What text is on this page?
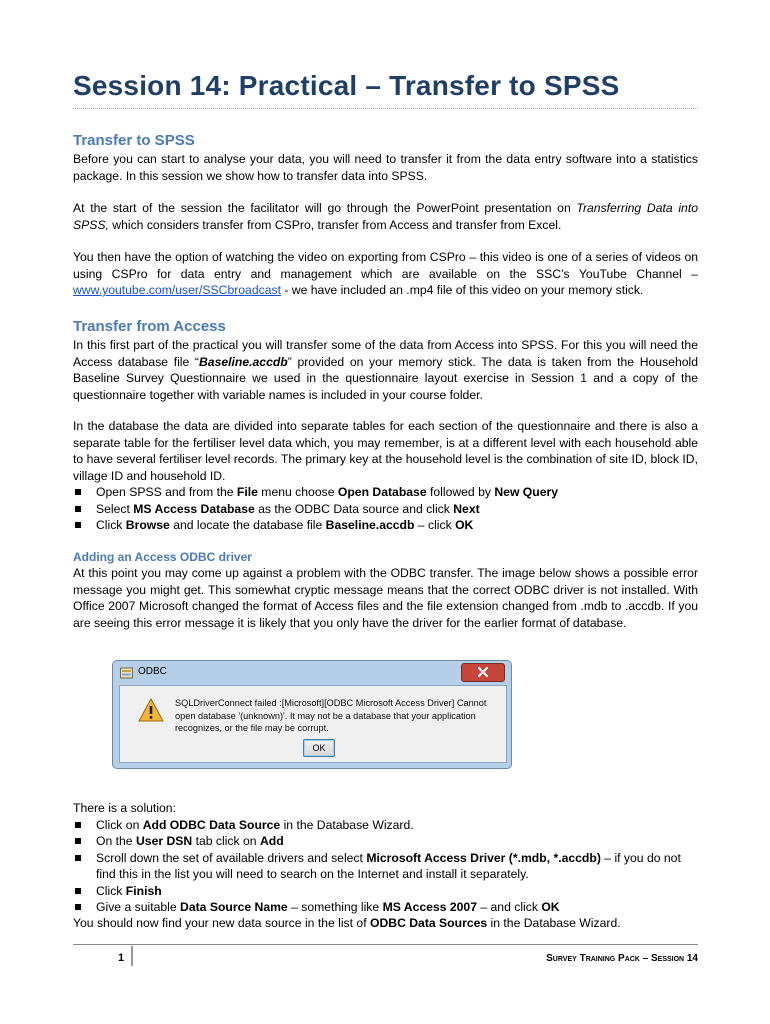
Session 14: Practical – Transfer to SPSS
Transfer to SPSS

Before you can start to analyse your data, you will need to transfer it from the data entry software into a statistics package. In this session we show how to transfer data into SPSS.

At the start of the session the facilitator will go through the PowerPoint presentation on Transferring Data into SPSS, which considers transfer from CSPro, transfer from Access and transfer from Excel.

You then have the option of watching the video on exporting from CSPro – this video is one of a series of videos on using CSPro for data entry and management which are available on the SSC’s YouTube Channel – www.youtube.com/user/SSCbroadcast - we have included an .mp4 file of this video on your memory stick.

Transfer from Access

In this first part of the practical you will transfer some of the data from Access into SPSS. For this you will need the Access database file “Baseline.accdb” provided on your memory stick. The data is taken from the Household Baseline Survey Questionnaire we used in the questionnaire layout exercise in Session 1 and a copy of the questionnaire together with variable names is included in your course folder.

In the database the data are divided into separate tables for each section of the questionnaire and there is also a separate table for the fertiliser level data which, you may remember, is at a different level with each household able to have several fertiliser level records. The primary key at the household level is the combination of site ID, block ID, village ID and household ID.

Open SPSS and from the File menu choose Open Database followed by New Query
Select MS Access Database as the ODBC Data source and click Next
Click Browse and locate the database file Baseline.accdb – click OK
Adding an Access ODBC driver

At this point you may come up against a problem with the ODBC transfer. The image below shows a possible error message you might get. This somewhat cryptic message means that the correct ODBC driver is not installed. With Office 2007 Microsoft changed the format of Access files and the file extension changed from .mdb to .accdb. If you are seeing this error message it is likely that you only have the driver for the earlier format of database.

There is a solution:
Click on Add ODBC Data Source in the Database Wizard.
On the User DSN tab click on Add
Scroll down the set of available drivers and select Microsoft Access Driver (*.mdb, *.accdb) – if you do not find this in the list you will need to search on the Internet and install it separately.
Click Finish
Give a suitable Data Source Name – something like MS Access 2007 – and click OK

You should now find your new data source in the list of ODBC Data Sources in the Database Wizard.

1	Survey Training Pack – Session 14
ODBC
SQLDriverConnect failed :[Microsoft][ODBC Microsoft Access Driver] Cannot open database '(unknown)'. It may not be a database that your application recognizes, or the file may be corrupt.
OK
